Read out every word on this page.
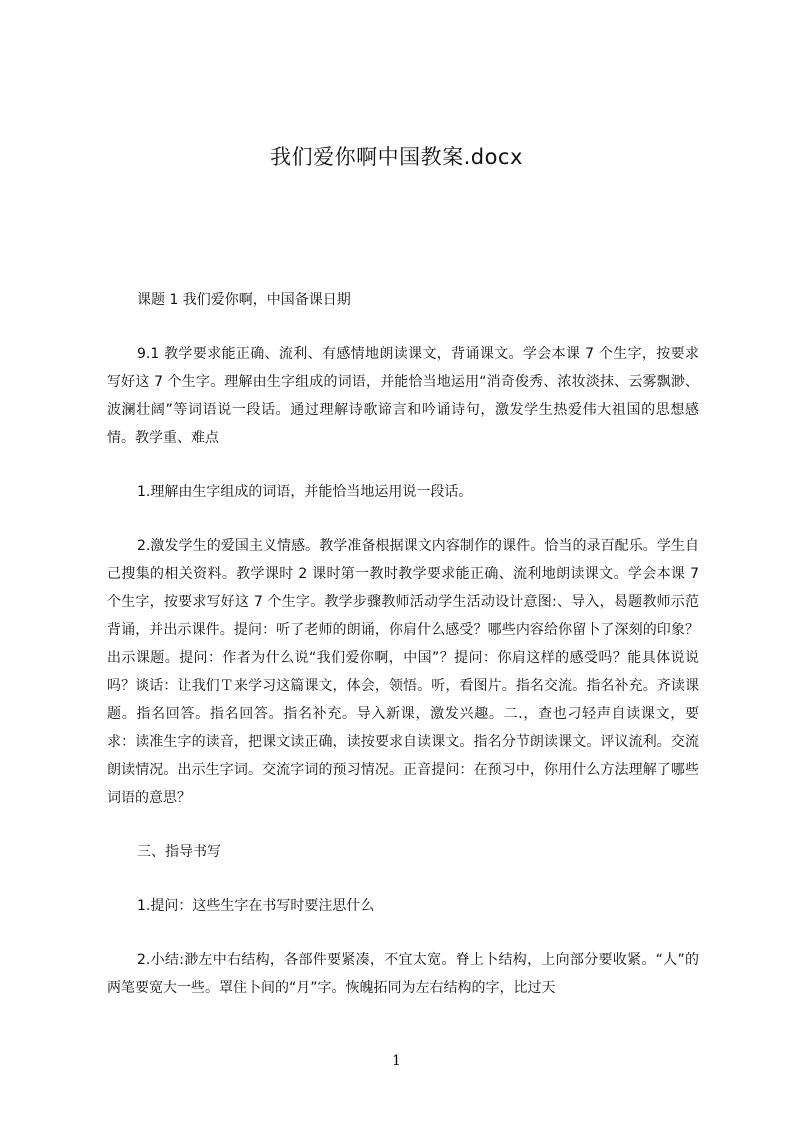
我们爱你啊中国教案.docx

课题 1 我们爱你啊，中国备课日期

9.1 教学要求能正确、流利、有感情地朗读课文，背诵课文。学会本课 7 个生字，按要求写好这 7 个生字。理解由生字组成的词语，并能恰当地运用“消奇俊秀、浓妆淡抹、云雾飘渺、波澜壮阔”等词语说一段话。通过理解诗歌谛言和吟诵诗句，激发学生热爱伟大祖国的思想感情。教学重、难点

1.理解由生字组成的词语，并能恰当地运用说一段话。

2.激发学生的爱国主义情感。教学准备根据课文内容制作的课件。恰当的录百配乐。学生自己搜集的相关资料。教学课时 2 课时第一教时教学要求能正确、流利地朗读课文。学会本课 7 个生字，按要求写好这 7 个生字。教学步骤教师活动学生活动设计意图:、导入，曷题教师示范背诵，并出示课件。提问：听了老师的朗诵，你肩什么感受？哪些内容给你留卜了深刻的印象？出示课题。提问：作者为什么说“我们爱你啊，中国”？提问：你肩这样的感受吗？能具体说说吗？谈话：让我们Ｔ来学习这篇课文，体会，领悟。听，看图片。指名交流。指名补充。齐读课题。指名回答。指名回答。指名补充。导入新课，激发兴趣。二.，查也刁轻声自读课文，要求：读准生字的读音，把课文读正确，读按要求自读课文。指名分节朗读课文。评议流利。交流朗读情况。出示生字词。交流字词的预习情况。正音提问：在预习中，你用什么方法理解了哪些词语的意思？

三、指导书写

1.提问：这些生字在书写时要注思什么

2.小结:渺左中右结构，各部件要紧凑，不宜太宽。脊上卜结构，上向部分要收紧。“人”的两笔要宽大一些。罩住卜间的“月”字。恢魄拓同为左右结构的字，比过天

1
